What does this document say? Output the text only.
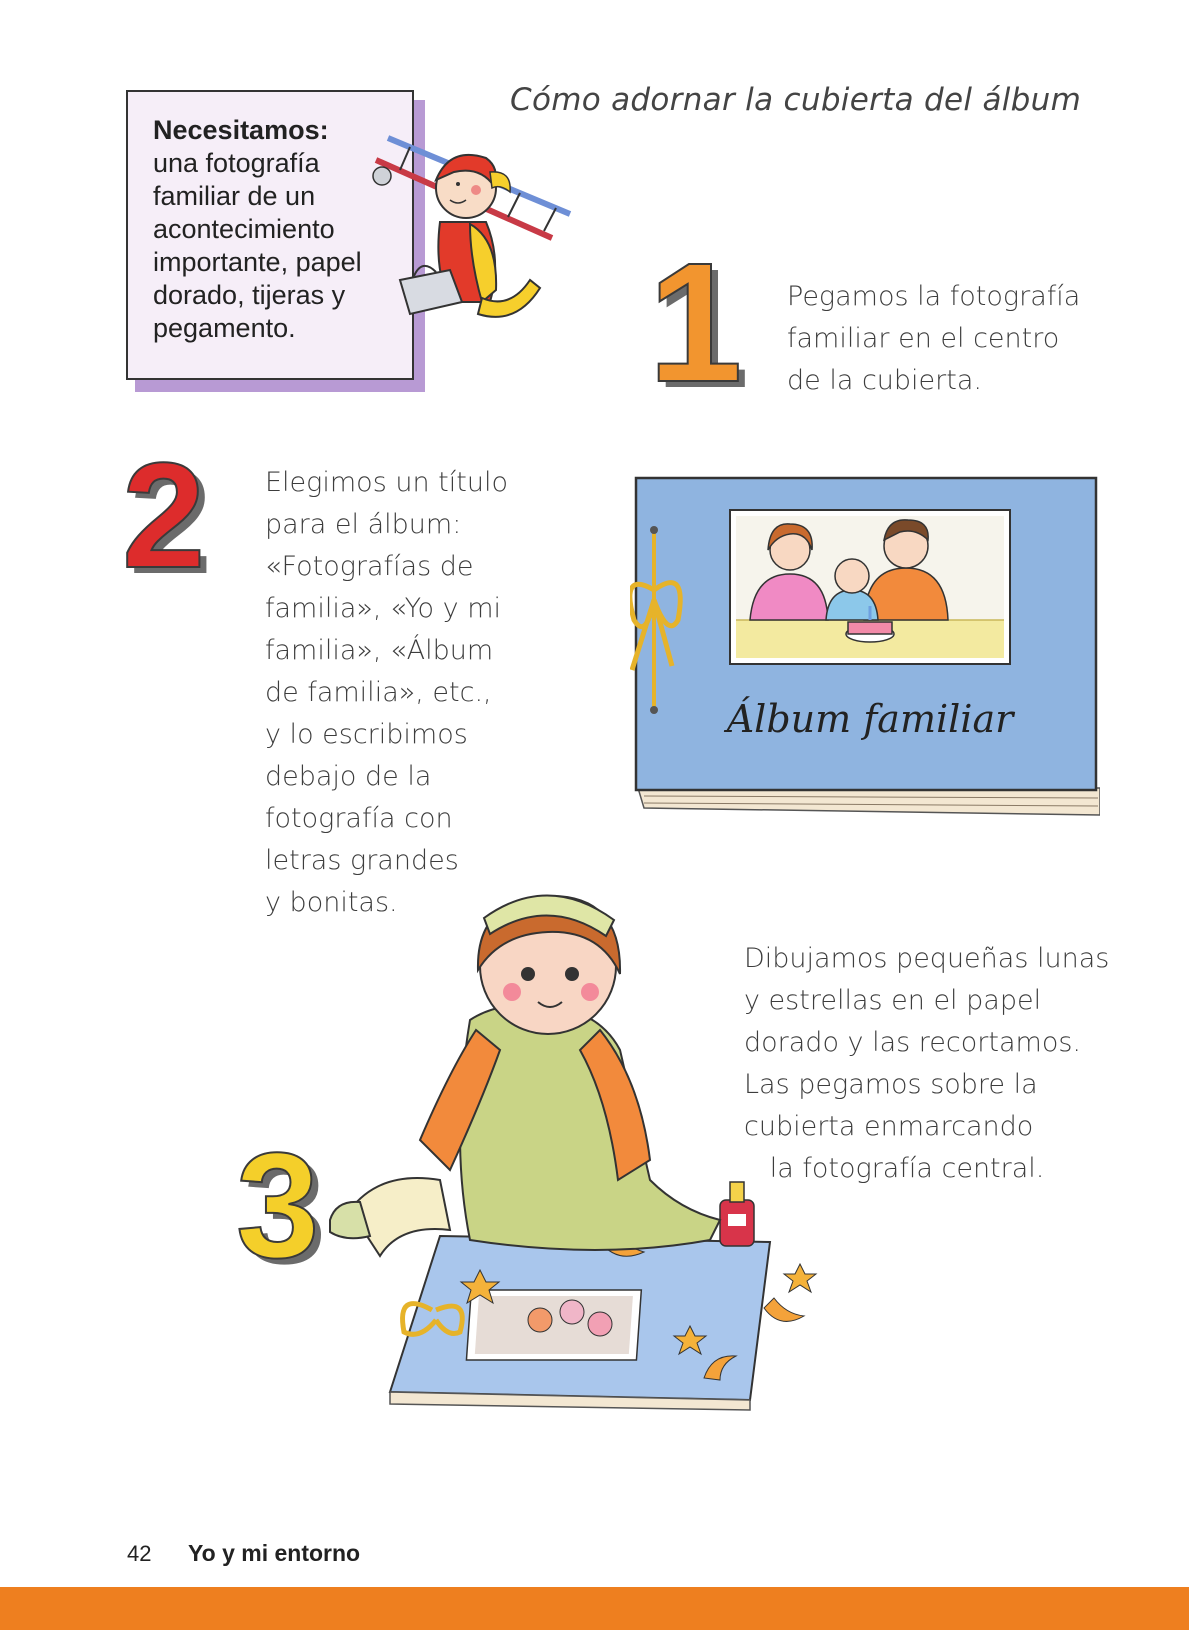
Necesitamos:
una fotografía
familiar de un
acontecimiento
importante, papel
dorado, tijeras y
pegamento.
Cómo adornar la cubierta del álbum
1 Pegamos la fotografía
familiar en el centro
de la cubierta.
2 Elegimos un título
para el álbum:
«Fotografías de
familia», «Yo y mi
familia», «Álbum
de familia», etc.,
y lo escribimos
debajo de la
fotografía con
letras grandes
y bonitas.
Álbum familiar
Dibujamos pequeñas lunas
y estrellas en el papel
dorado y las recortamos.
Las pegamos sobre la
cubierta enmarcando
la fotografía central.
3
42 Yo y mi entorno
